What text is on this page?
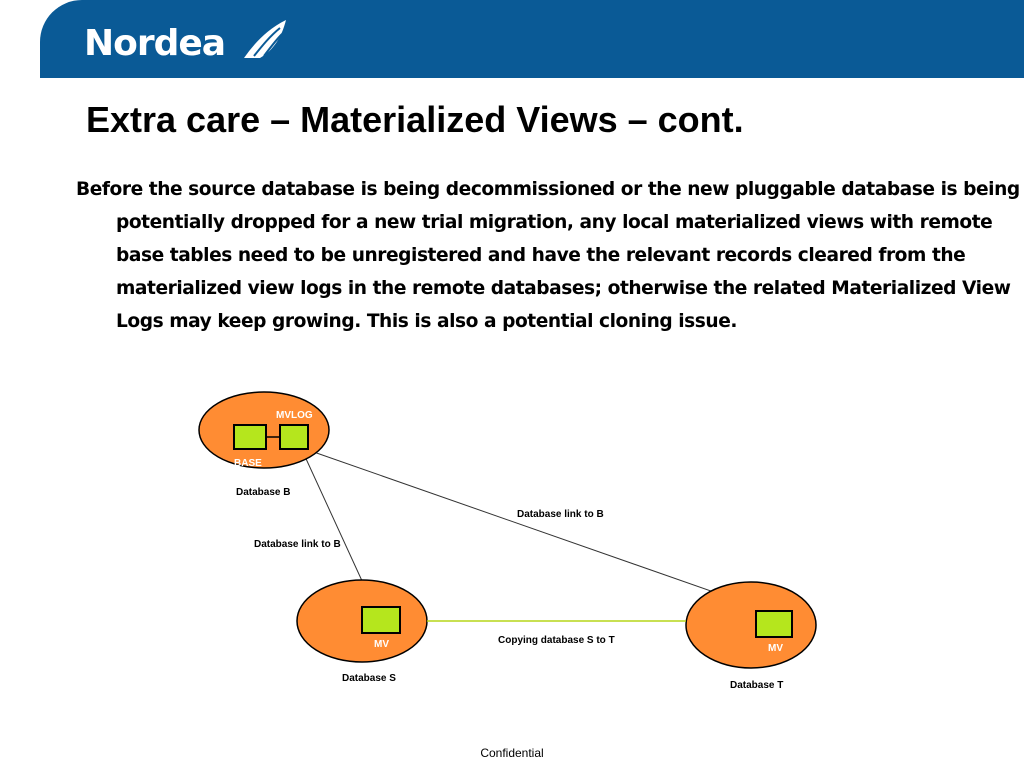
Nordea
Extra care – Materialized Views – cont.

Before the source database is being decommissioned or the new pluggable database is being potentially dropped for a new trial migration, any local materialized views with remote base tables need to be unregistered and have the relevant records cleared from the materialized view logs in the remote databases; otherwise the related Materialized View Logs may keep growing. This is also a potential cloning issue.

MVLOG
BASE
Database B
MV
Database S
MV
Database T
Database link to B
Database link to B
Copying database S to T
Confidential
